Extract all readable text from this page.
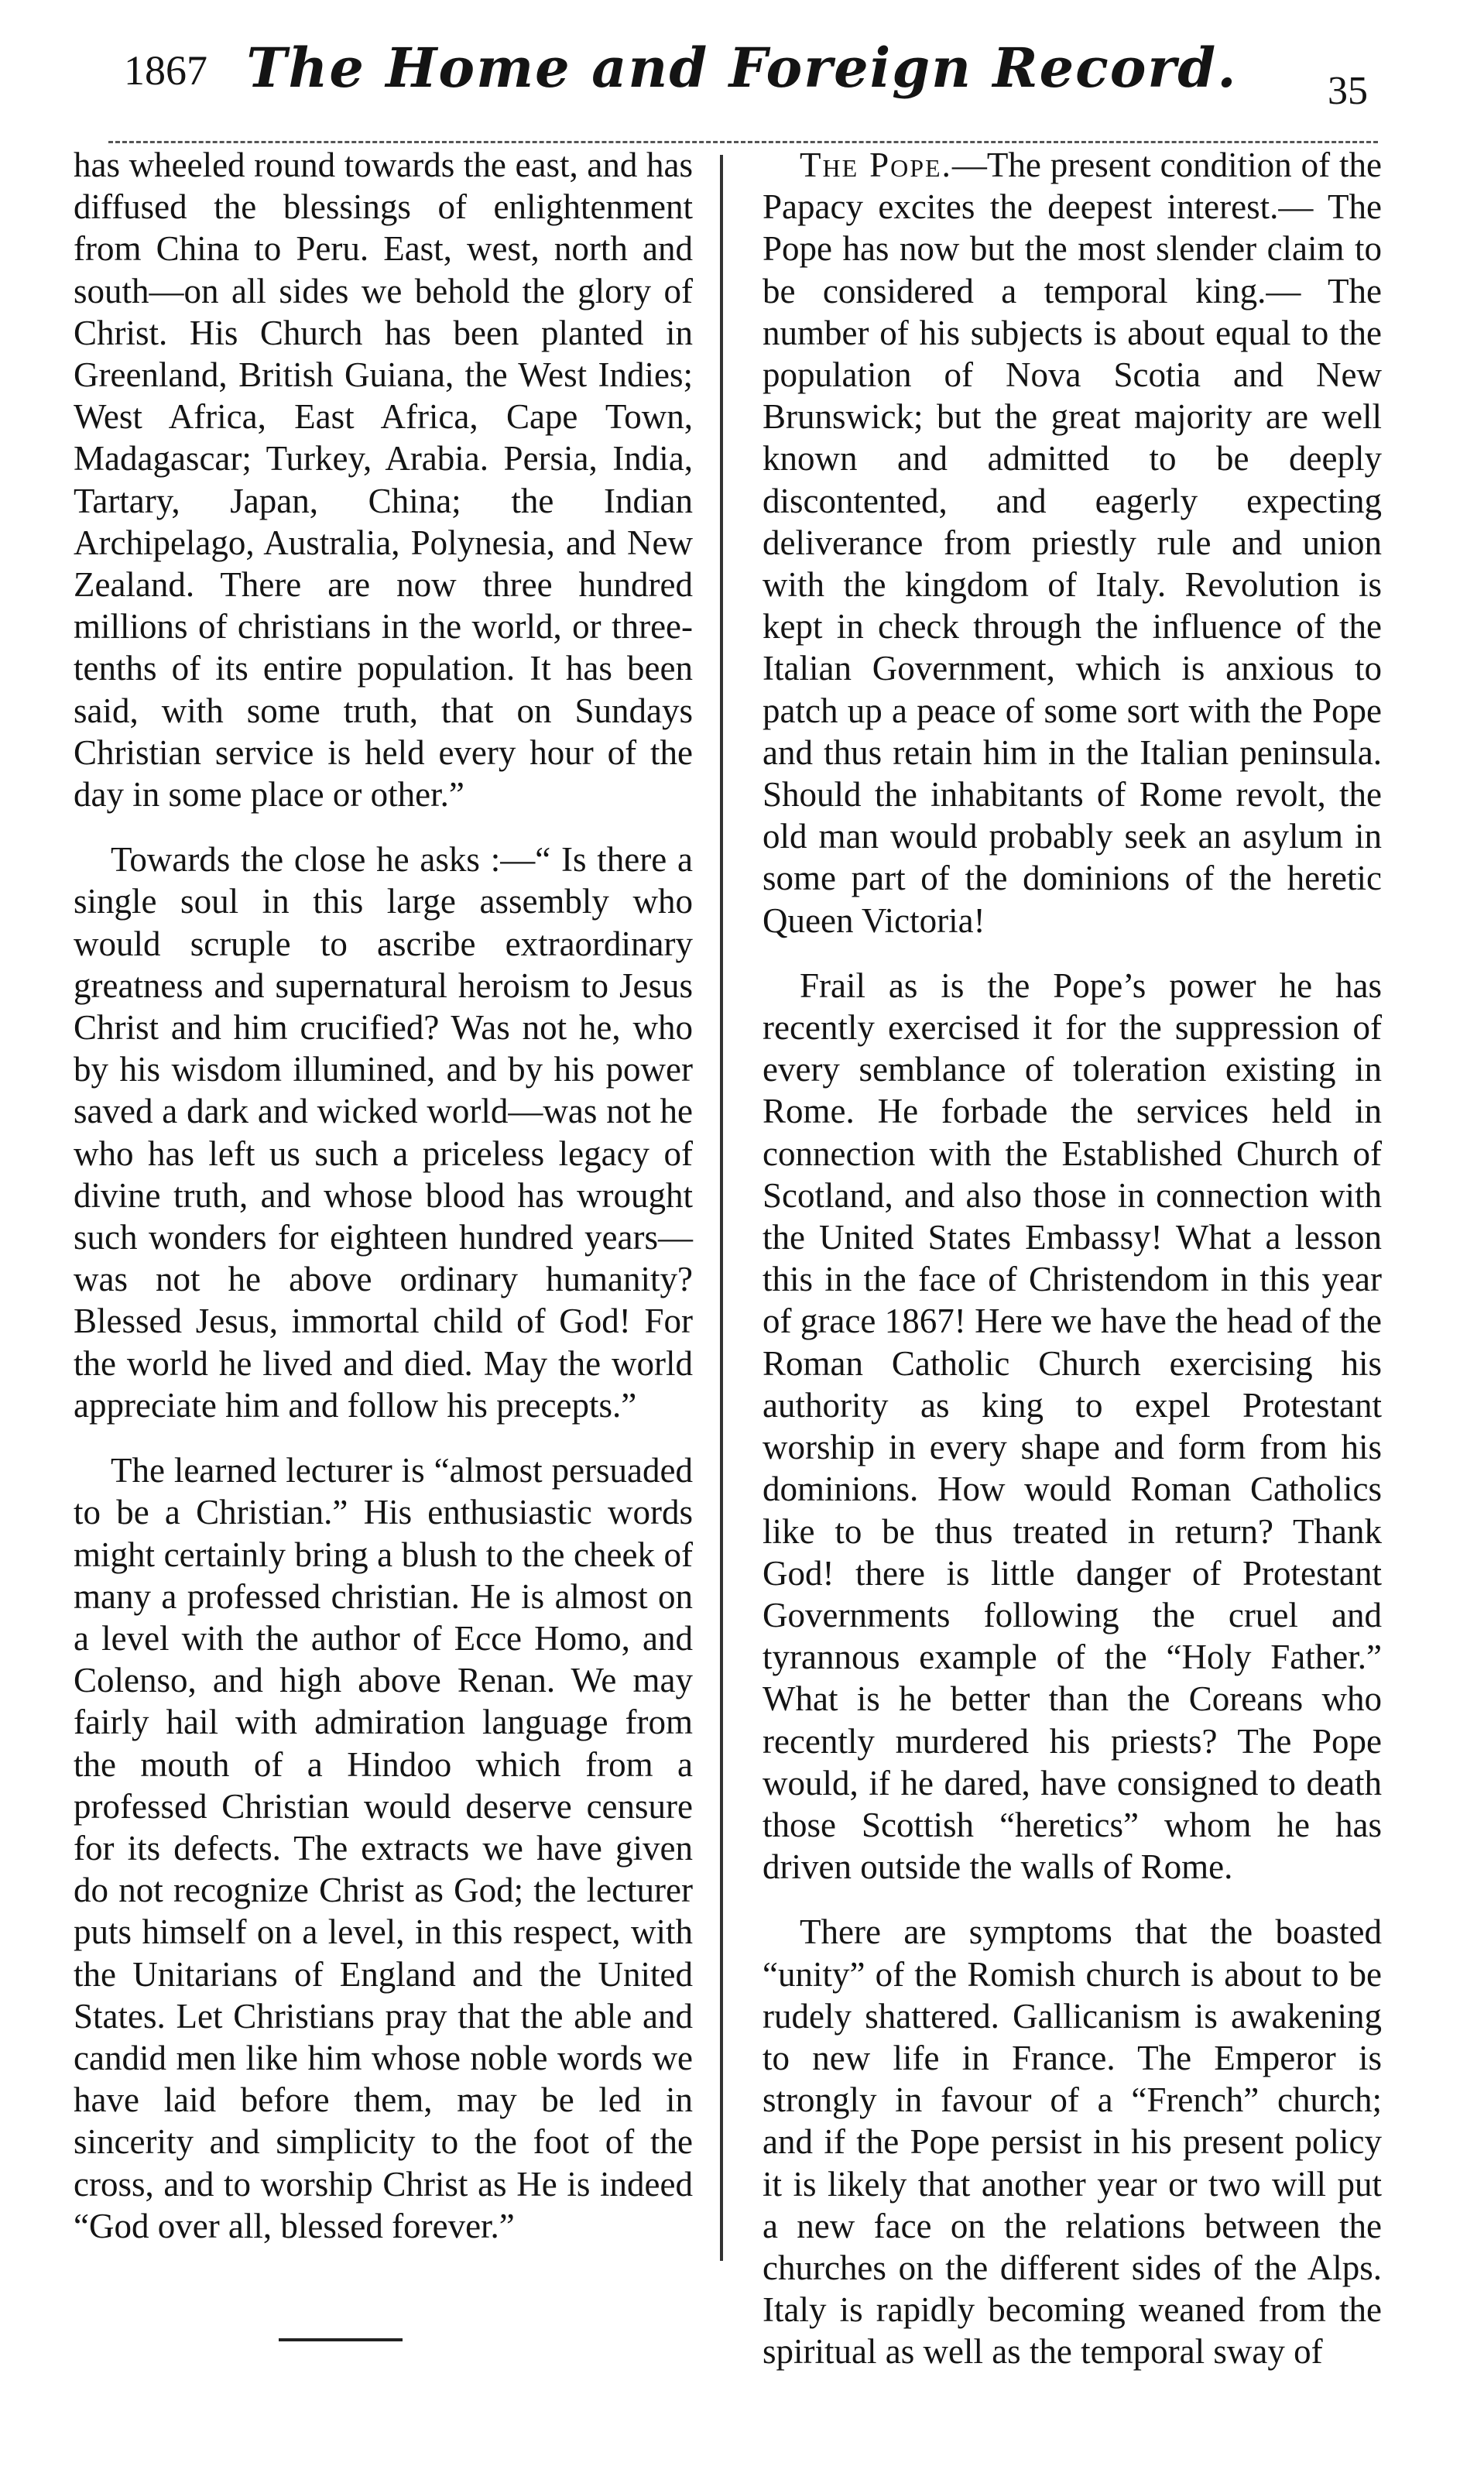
1867 The Home and Foreign Record.	35

has wheeled round towards the east, and has diffused the blessings of enlightenment from China to Peru. East, west, north and south—on all sides we behold the glory of Christ. His Church has been planted in Greenland, British Guiana, the West Indies; West Africa, East Africa, Cape Town, Madagascar; Turkey, Arabia. Persia, India, Tartary, Japan, China; the Indian Archipelago, Australia, Polynesia, and New Zealand. There are now three hundred millions of christians in the world, or three-tenths of its entire population. It has been said, with some truth, that on Sundays Christian service is held every hour of the day in some place or other.”

Towards the close he asks :—“ Is there a single soul in this large assembly who would scruple to ascribe extraordinary greatness and supernatural heroism to Jesus Christ and him crucified? Was not he, who by his wisdom illumined, and by his power saved a dark and wicked world—was not he who has left us such a priceless legacy of divine truth, and whose blood has wrought such wonders for eighteen hundred years—was not he above ordinary humanity? Blessed Jesus, immortal child of God! For the world he lived and died. May the world appreciate him and follow his precepts.”

The learned lecturer is “almost persuaded to be a Christian.” His enthusiastic words might certainly bring a blush to the cheek of many a professed christian. He is almost on a level with the author of Ecce Homo, and Colenso, and high above Renan. We may fairly hail with admiration language from the mouth of a Hindoo which from a professed Christian would deserve censure for its defects. The extracts we have given do not recognize Christ as God; the lecturer puts himself on a level, in this respect, with the Unitarians of England and the United States. Let Christians pray that the able and candid men like him whose noble words we have laid before them, may be led in sincerity and simplicity to the foot of the cross, and to worship Christ as He is indeed “God over all, blessed forever.”

The Pope.—The present condition of the Papacy excites the deepest interest.— The Pope has now but the most slender claim to be considered a temporal king.— The number of his subjects is about equal to the population of Nova Scotia and New Brunswick; but the great majority are well known and admitted to be deeply discontented, and eagerly expecting deliverance from priestly rule and union with the kingdom of Italy. Revolution is kept in check through the influence of the Italian Government, which is anxious to patch up a peace of some sort with the Pope and thus retain him in the Italian peninsula. Should the inhabitants of Rome revolt, the old man would probably seek an asylum in some part of the dominions of the heretic Queen Victoria!

Frail as is the Pope’s power he has recently exercised it for the suppression of every semblance of toleration existing in Rome. He forbade the services held in connection with the Established Church of Scotland, and also those in connection with the United States Embassy! What a lesson this in the face of Christendom in this year of grace 1867! Here we have the head of the Roman Catholic Church exercising his authority as king to expel Protestant worship in every shape and form from his dominions. How would Roman Catholics like to be thus treated in return? Thank God! there is little danger of Protestant Governments following the cruel and tyrannous example of the “Holy Father.” What is he better than the Coreans who recently murdered his priests? The Pope would, if he dared, have consigned to death those Scottish “heretics” whom he has driven outside the walls of Rome.

There are symptoms that the boasted “unity” of the Romish church is about to be rudely shattered. Gallicanism is awakening to new life in France. The Emperor is strongly in favour of a “French” church; and if the Pope persist in his present policy it is likely that another year or two will put a new face on the relations between the churches on the different sides of the Alps. Italy is rapidly becoming weaned from the spiritual as well as the temporal sway of
